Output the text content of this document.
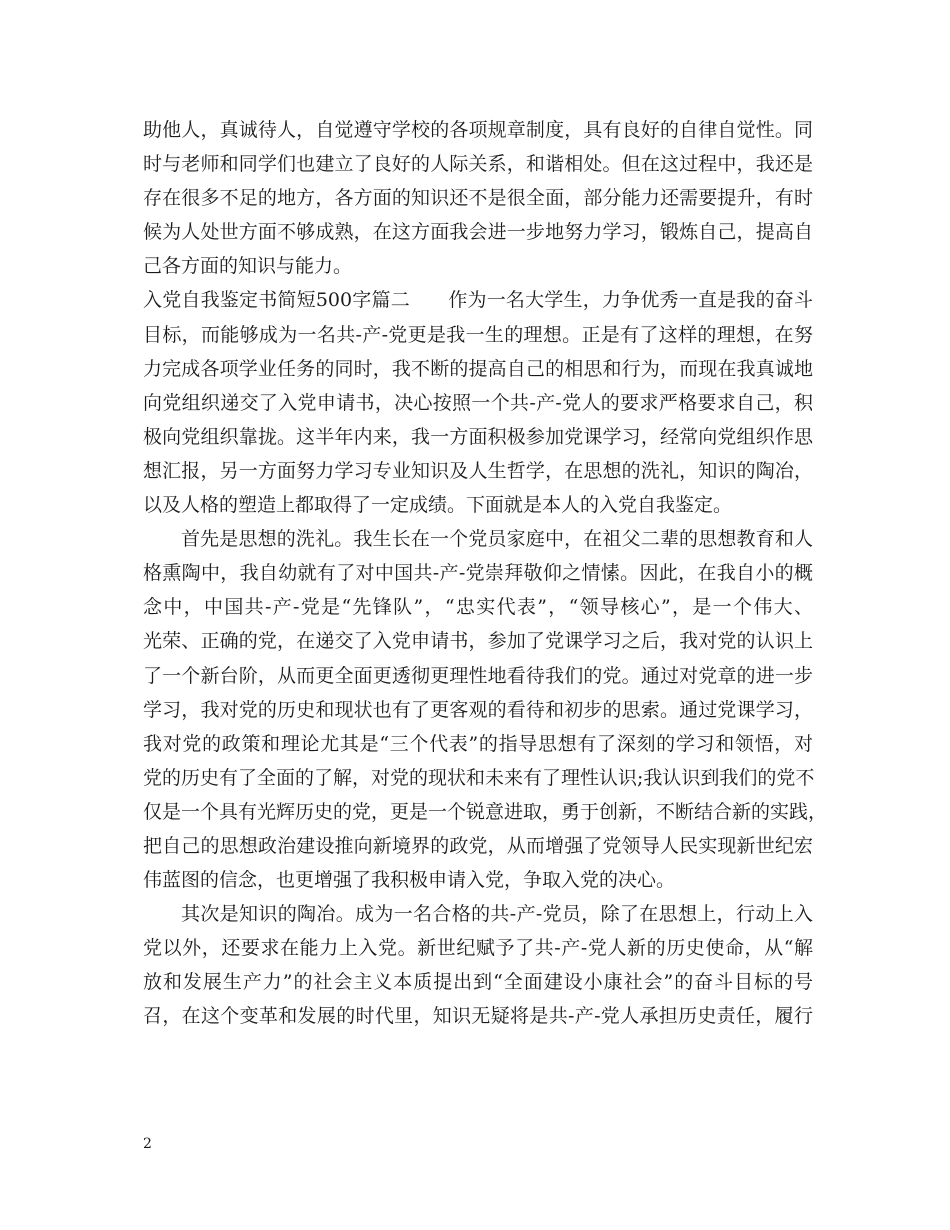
助他人，真诚待人，自觉遵守学校的各项规章制度，具有良好的自律自觉性。同
时与老师和同学们也建立了良好的人际关系，和谐相处。但在这过程中，我还是
存在很多不足的地方，各方面的知识还不是很全面，部分能力还需要提升，有时
候为人处世方面不够成熟，在这方面我会进一步地努力学习，锻炼自己，提高自
己各方面的知识与能力。
入党自我鉴定书简短500字篇二　　作为一名大学生，力争优秀一直是我的奋斗
目标，而能够成为一名共-产-党更是我一生的理想。正是有了这样的理想，在努
力完成各项学业任务的同时，我不断的提高自己的相思和行为，而现在我真诚地
向党组织递交了入党申请书，决心按照一个共-产-党人的要求严格要求自己，积
极向党组织靠拢。这半年内来，我一方面积极参加党课学习，经常向党组织作思
想汇报，另一方面努力学习专业知识及人生哲学，在思想的洗礼，知识的陶冶，
以及人格的塑造上都取得了一定成绩。下面就是本人的入党自我鉴定。
首先是思想的洗礼。我生长在一个党员家庭中，在祖父二辈的思想教育和人
格熏陶中，我自幼就有了对中国共-产-党崇拜敬仰之情愫。因此，在我自小的概
念中，中国共-产-党是“先锋队”，“忠实代表”，“领导核心”，是一个伟大、
光荣、正确的党，在递交了入党申请书，参加了党课学习之后，我对党的认识上
了一个新台阶，从而更全面更透彻更理性地看待我们的党。通过对党章的进一步
学习，我对党的历史和现状也有了更客观的看待和初步的思索。通过党课学习，
我对党的政策和理论尤其是“三个代表”的指导思想有了深刻的学习和领悟，对
党的历史有了全面的了解，对党的现状和未来有了理性认识;我认识到我们的党不
仅是一个具有光辉历史的党，更是一个锐意进取，勇于创新，不断结合新的实践，
把自己的思想政治建设推向新境界的政党，从而增强了党领导人民实现新世纪宏
伟蓝图的信念，也更增强了我积极申请入党，争取入党的决心。
其次是知识的陶冶。成为一名合格的共-产-党员，除了在思想上，行动上入
党以外，还要求在能力上入党。新世纪赋予了共-产-党人新的历史使命，从“解
放和发展生产力”的社会主义本质提出到“全面建设小康社会”的奋斗目标的号
召，在这个变革和发展的时代里，知识无疑将是共-产-党人承担历史责任，履行
2
